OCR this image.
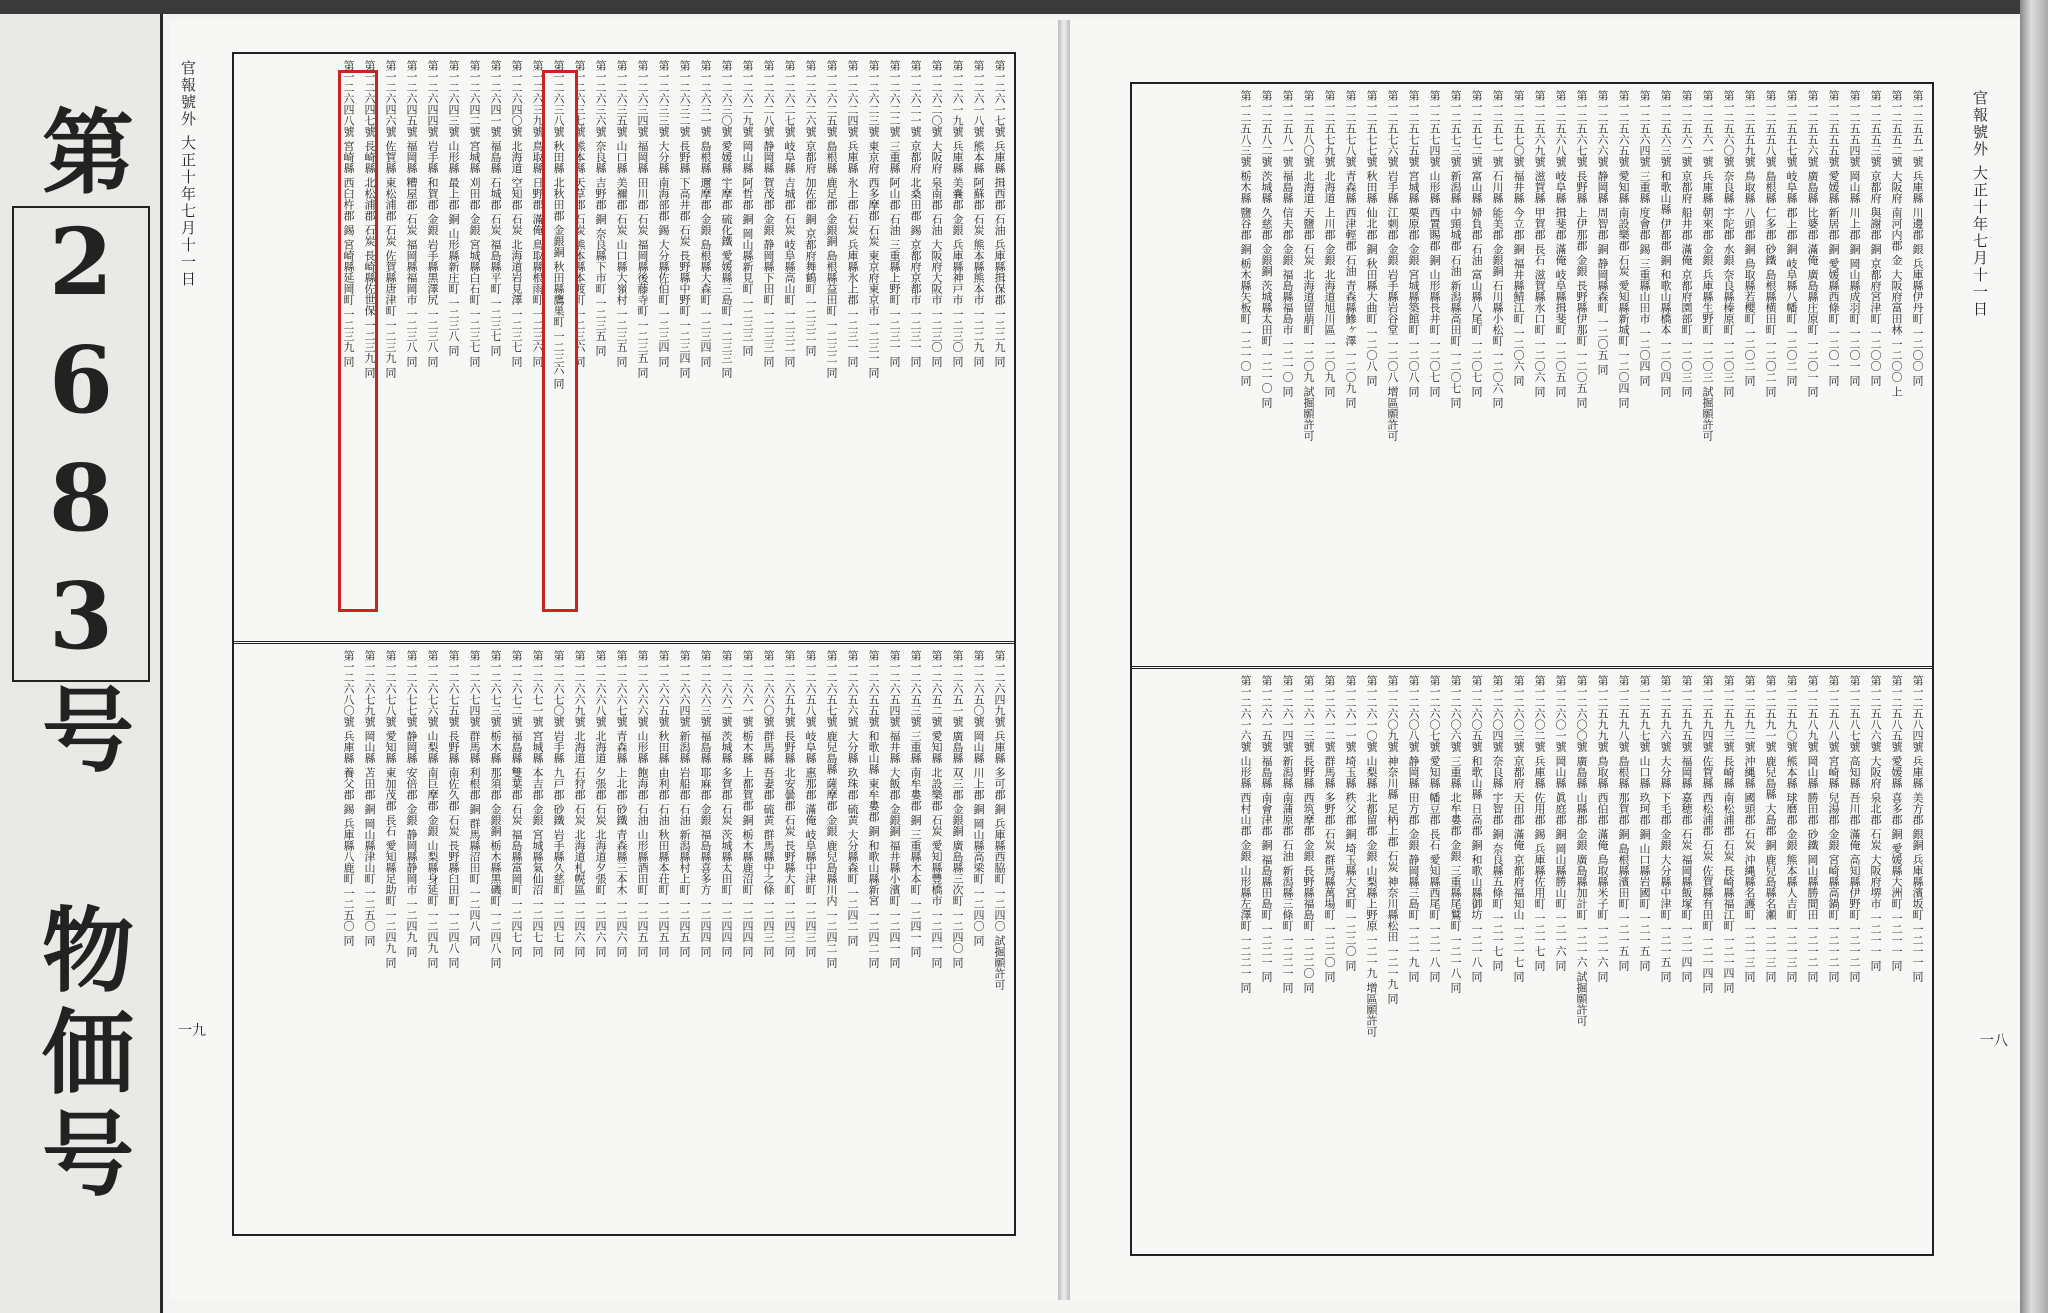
第2683号 物価号
官報號外 大正十年七月十一日
一九
第一二六一七號 兵庫縣 揖西郡 石油 兵庫縣揖保郡 一二二九 同
第一二六一八號 熊本縣 阿蘇郡 石炭 熊本縣熊本市 一二二九 同
第一二六一九號 兵庫縣 美嚢郡 金銀 兵庫縣神戸市 一二三〇 同
第一二六二〇號 大阪府 泉南郡 石油 大阪府大阪市 一二三〇 同
第一二六二一號 京都府 北桑田郡 錫 京都府京都市 一二三一 同
第一二六二二號 三重縣 阿山郡 石油 三重縣上野町 一二三一 同
第一二六二三號 東京府 西多摩郡 石炭 東京府東京市 一二三一 同
第一二六二四號 兵庫縣 氷上郡 石炭 兵庫縣氷上郡 一二三一 同
第一二六二五號 島根縣 鹿足郡 金銀銅 島根縣益田町 一二三二 同
第一二六二六號 京都府 加佐郡 銅 京都府舞鶴町 一二三二 同
第一二六二七號 岐阜縣 吉城郡 石炭 岐阜縣高山町 一二三二 同
第一二六二八號 静岡縣 賀茂郡 金銀 静岡縣下田町 一二三三 同
第一二六二九號 岡山縣 阿哲郡 銅 岡山縣新見町 一二三三 同
第一二六三〇號 愛媛縣 宇摩郡 硫化鐵 愛媛縣三島町 一二三三 同
第一二六三一號 島根縣 邇摩郡 金銀 島根縣大森町 一二三四 同
第一二六三二號 長野縣 下高井郡 石炭 長野縣中野町 一二三四 同
第一二六三三號 大分縣 南海部郡 錫 大分縣佐伯町 一二三四 同
第一二六三四號 福岡縣 田川郡 石炭 福岡縣後藤寺町 一二三五 同
第一二六三五號 山口縣 美禰郡 石炭 山口縣大嶺村 一二三五 同
第一二六三六號 奈良縣 吉野郡 銅 奈良縣下市町 一二三五 同
第一二六三七號 熊本縣 天草郡 石炭 熊本縣本渡町 一二三六 同
第一二六三八號 秋田縣 北秋田郡 金銀銅 秋田縣鷹巣町 一二三六 同
第一二六三九號 鳥取縣 日野郡 滿俺 鳥取縣根雨町 一二三六 同
第一二六四〇號 北海道 空知郡 石炭 北海道岩見澤 一二三七 同
第一二六四一號 福島縣 石城郡 石炭 福島縣平町 一二三七 同
第一二六四二號 宮城縣 刈田郡 金銀 宮城縣白石町 一二三七 同
第一二六四三號 山形縣 最上郡 銅 山形縣新庄町 一二三八 同
第一二六四四號 岩手縣 和賀郡 金銀 岩手縣黒澤尻 一二三八 同
第一二六四五號 福岡縣 糟屋郡 石炭 福岡縣福岡市 一二三八 同
第一二六四六號 佐賀縣 東松浦郡 石炭 佐賀縣唐津町 一二三九 同
第一二六四七號 長崎縣 北松浦郡 石炭 長崎縣佐世保 一二三九 同
第一二六四八號 宮崎縣 西臼杵郡 錫 宮崎縣延岡町 一二三九 同
第一二六四九號 兵庫縣 多可郡 銅 兵庫縣西脇町 一二四〇 試掘願許可
第一二六五〇號 岡山縣 川上郡 銅 岡山縣高梁町 一二四〇 同
第一二六五一號 廣島縣 双三郡 金銀銅 廣島縣三次町 一二四〇 同
第一二六五二號 愛知縣 北設樂郡 石炭 愛知縣豐橋市 一二四一 同
第一二六五三號 三重縣 南牟婁郡 銅 三重縣木本町 一二四一 同
第一二六五四號 福井縣 大飯郡 金銀銅 福井縣小濱町 一二四一 同
第一二六五五號 和歌山縣 東牟婁郡 銅 和歌山縣新宮 一二四二 同
第一二六五六號 大分縣 玖珠郡 硫黄 大分縣森町 一二四二 同
第一二六五七號 鹿兒島縣 薩摩郡 金銀 鹿兒島縣川内 一二四二 同
第一二六五八號 岐阜縣 惠那郡 滿俺 岐阜縣中津町 一二四三 同
第一二六五九號 長野縣 北安曇郡 石炭 長野縣大町 一二四三 同
第一二六六〇號 群馬縣 吾妻郡 硫黄 群馬縣中之條 一二四三 同
第一二六六一號 栃木縣 上都賀郡 銅 栃木縣鹿沼町 一二四四 同
第一二六六二號 茨城縣 多賀郡 石炭 茨城縣太田町 一二四四 同
第一二六六三號 福島縣 耶麻郡 金銀 福島縣喜多方 一二四四 同
第一二六六四號 新潟縣 岩船郡 石油 新潟縣村上町 一二四五 同
第一二六六五號 秋田縣 由利郡 石油 秋田縣本荘町 一二四五 同
第一二六六六號 山形縣 飽海郡 石油 山形縣酒田町 一二四五 同
第一二六六七號 青森縣 上北郡 砂鐵 青森縣三本木 一二四六 同
第一二六六八號 北海道 夕張郡 石炭 北海道夕張町 一二四六 同
第一二六六九號 北海道 石狩郡 石炭 北海道札幌區 一二四六 同
第一二六七〇號 岩手縣 九戸郡 砂鐵 岩手縣久慈町 一二四七 同
第一二六七一號 宮城縣 本吉郡 金銀 宮城縣氣仙沼 一二四七 同
第一二六七二號 福島縣 雙葉郡 石炭 福島縣富岡町 一二四七 同
第一二六七三號 栃木縣 那須郡 金銀銅 栃木縣黒磯町 一二四八 同
第一二六七四號 群馬縣 利根郡 銅 群馬縣沼田町 一二四八 同
第一二六七五號 長野縣 南佐久郡 石炭 長野縣臼田町 一二四八 同
第一二六七六號 山梨縣 南巨摩郡 金銀 山梨縣身延町 一二四九 同
第一二六七七號 静岡縣 安倍郡 金銀 静岡縣静岡市 一二四九 同
第一二六七八號 愛知縣 東加茂郡 長石 愛知縣足助町 一二四九 同
第一二六七九號 岡山縣 苫田郡 銅 岡山縣津山町 一二五〇 同
第一二六八〇號 兵庫縣 養父郡 錫 兵庫縣八鹿町 一二五〇 同
官報號外 大正十年七月十一日
一八
第一二五五一號 兵庫縣 川邊郡 銀 兵庫縣伊丹町 一二〇〇 同
第一二五五二號 大阪府 南河内郡 金 大阪府富田林 一二〇〇 上
第一二五五三號 京都府 與謝郡 銅 京都府宮津町 一二〇〇 同
第一二五五四號 岡山縣 川上郡 銅 岡山縣成羽町 一二〇一 同
第一二五五五號 愛媛縣 新居郡 銅 愛媛縣西條町 一二〇一 同
第一二五五六號 廣島縣 比婆郡 滿俺 廣島縣庄原町 一二〇一 同
第一二五五七號 岐阜縣 郡上郡 銅 岐阜縣八幡町 一二〇二 同
第一二五五八號 島根縣 仁多郡 砂鐵 島根縣横田町 一二〇二 同
第一二五五九號 鳥取縣 八頭郡 銅 鳥取縣若櫻町 一二〇二 同
第一二五六〇號 奈良縣 宇陀郡 水銀 奈良縣榛原町 一二〇三 同
第一二五六一號 兵庫縣 朝來郡 金銀 兵庫縣生野町 一二〇三 試掘願許可
第一二五六二號 京都府 船井郡 滿俺 京都府園部町 一二〇三 同
第一二五六三號 和歌山縣 伊都郡 銅 和歌山縣橋本 一二〇四 同
第一二五六四號 三重縣 度會郡 錫 三重縣山田市 一二〇四 同
第一二五六五號 愛知縣 南設樂郡 石炭 愛知縣新城町 一二〇四 同
第一二五六六號 静岡縣 周智郡 銅 静岡縣森町 一二〇五 同
第一二五六七號 長野縣 上伊那郡 金銀 長野縣伊那町 一二〇五 同
第一二五六八號 岐阜縣 揖斐郡 滿俺 岐阜縣揖斐町 一二〇五 同
第一二五六九號 滋賀縣 甲賀郡 長石 滋賀縣水口町 一二〇六 同
第一二五七〇號 福井縣 今立郡 銅 福井縣鯖江町 一二〇六 同
第一二五七一號 石川縣 能美郡 金銀銅 石川縣小松町 一二〇六 同
第一二五七二號 富山縣 婦負郡 石油 富山縣八尾町 一二〇七 同
第一二五七三號 新潟縣 中頸城郡 石油 新潟縣高田町 一二〇七 同
第一二五七四號 山形縣 西置賜郡 銅 山形縣長井町 一二〇七 同
第一二五七五號 宮城縣 栗原郡 金銀 宮城縣築館町 一二〇八 同
第一二五七六號 岩手縣 江刺郡 金銀 岩手縣岩谷堂 一二〇八 增區願許可
第一二五七七號 秋田縣 仙北郡 銅 秋田縣大曲町 一二〇八 同
第一二五七八號 青森縣 西津輕郡 石油 青森縣鰺ヶ澤 一二〇九 同
第一二五七九號 北海道 上川郡 金銀 北海道旭川區 一二〇九 同
第一二五八〇號 北海道 天鹽郡 石炭 北海道留萠町 一二〇九 試掘願許可
第一二五八一號 福島縣 信夫郡 金銀 福島縣福島市 一二一〇 同
第一二五八二號 茨城縣 久慈郡 金銀銅 茨城縣太田町 一二一〇 同
第一二五八三號 栃木縣 鹽谷郡 銅 栃木縣矢板町 一二一〇 同
第一二五八四號 兵庫縣 美方郡 銀銅 兵庫縣濱坂町 一二一一 同
第一二五八五號 愛媛縣 喜多郡 銅 愛媛縣大洲町 一二一一 同
第一二五八六號 大阪府 泉北郡 石炭 大阪府堺市 一二一一 同
第一二五八七號 高知縣 吾川郡 滿俺 高知縣伊野町 一二一二 同
第一二五八八號 宮崎縣 兒湯郡 金銀 宮崎縣高鍋町 一二一二 同
第一二五八九號 岡山縣 勝田郡 砂鐵 岡山縣勝間田 一二一二 同
第一二五九〇號 熊本縣 球磨郡 金銀 熊本縣人吉町 一二一三 同
第一二五九一號 鹿兒島縣 大島郡 銅 鹿兒島縣名瀬 一二一三 同
第一二五九二號 沖縄縣 國頭郡 石炭 沖縄縣名護町 一二一三 同
第一二五九三號 長崎縣 南松浦郡 石炭 長崎縣福江町 一二一四 同
第一二五九四號 佐賀縣 西松浦郡 石炭 佐賀縣有田町 一二一四 同
第一二五九五號 福岡縣 嘉穂郡 石炭 福岡縣飯塚町 一二一四 同
第一二五九六號 大分縣 下毛郡 金銀 大分縣中津町 一二一五 同
第一二五九七號 山口縣 玖珂郡 銅 山口縣岩國町 一二一五 同
第一二五九八號 島根縣 那賀郡 銅 島根縣濱田町 一二一五 同
第一二五九九號 鳥取縣 西伯郡 滿俺 鳥取縣米子町 一二一六 同
第一二六〇〇號 廣島縣 山縣郡 金銀 廣島縣加計町 一二一六 試掘願許可
第一二六〇一號 岡山縣 眞庭郡 銅 岡山縣勝山町 一二一六 同
第一二六〇二號 兵庫縣 佐用郡 錫 兵庫縣佐用町 一二一七 同
第一二六〇三號 京都府 天田郡 滿俺 京都府福知山 一二一七 同
第一二六〇四號 奈良縣 宇智郡 銅 奈良縣五條町 一二一七 同
第一二六〇五號 和歌山縣 日高郡 銅 和歌山縣御坊 一二一八 同
第一二六〇六號 三重縣 北牟婁郡 金銀 三重縣尾鷲町 一二一八 同
第一二六〇七號 愛知縣 幡豆郡 長石 愛知縣西尾町 一二一八 同
第一二六〇八號 静岡縣 田方郡 金銀 静岡縣三島町 一二一九 同
第一二六〇九號 神奈川縣 足柄上郡 石炭 神奈川縣松田 一二一九 同
第一二六一〇號 山梨縣 北都留郡 金銀 山梨縣上野原 一二一九 增區願許可
第一二六一一號 埼玉縣 秩父郡 銅 埼玉縣大宮町 一二二〇 同
第一二六一二號 群馬縣 多野郡 石炭 群馬縣萬場町 一二二〇 同
第一二六一三號 長野縣 西筑摩郡 金銀 長野縣福島町 一二二〇 同
第一二六一四號 新潟縣 南蒲原郡 石油 新潟縣三條町 一二二一 同
第一二六一五號 福島縣 南會津郡 銅 福島縣田島町 一二二一 同
第一二六一六號 山形縣 西村山郡 金銀 山形縣左澤町 一二二一 同
